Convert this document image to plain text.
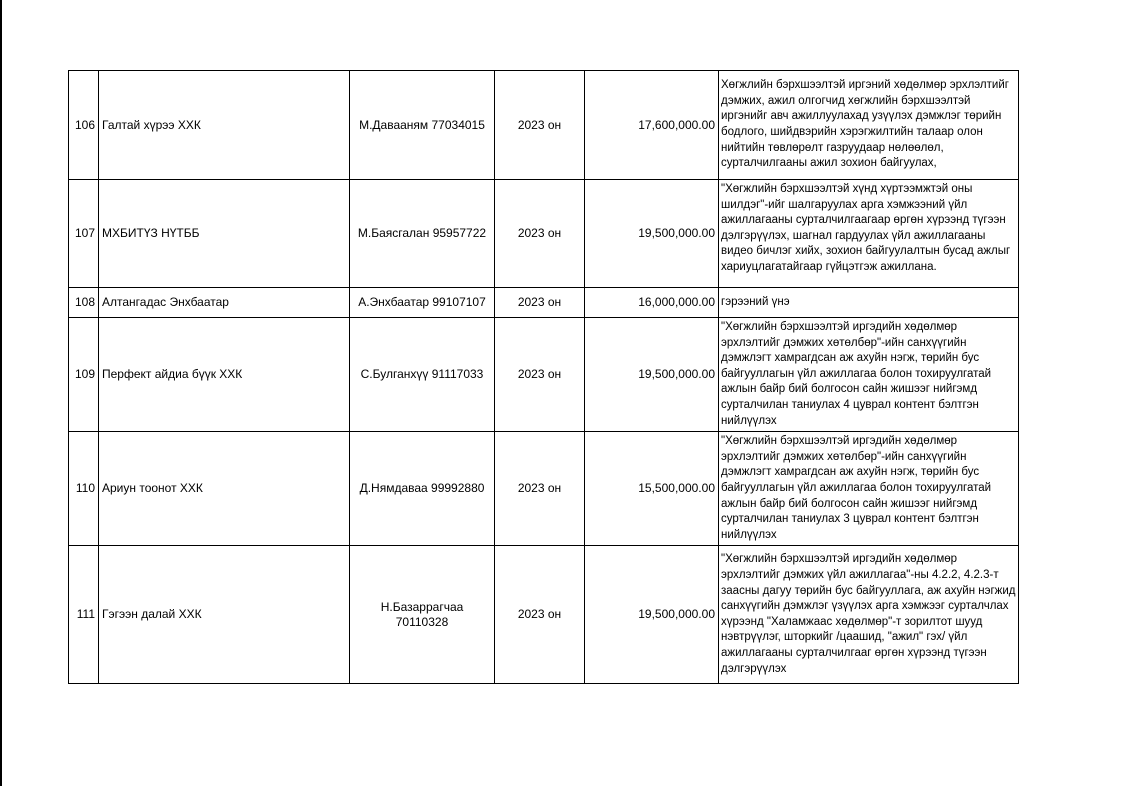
106	Галтай хүрээ ХХК	М.Давааням 77034015	2023 он	17,600,000.00	Хөгжлийн бэрхшээлтэй иргэний хөдөлмөр эрхлэлтийг дэмжих, ажил олгогчид хөгжлийн бэрхшээлтэй иргэнийг авч ажиллуулахад узүүлэх дэмжлэг төрийн бодлого, шийдвэрийн хэрэгжилтийн талаар олон нийтийн төвлөрөлт газруудаар нөлөөлөл, сурталчилгааны ажил зохион байгуулах,
107	МХБИТҮЗ НҮТББ	М.Баясгалан 95957722	2023 он	19,500,000.00	"Хөгжлийн бэрхшээлтэй хүнд хүртээмжтэй оны шилдэг"-ийг шалгаруулах арга хэмжээний үйл ажиллагааны сурталчилгаагаар өргөн хүрээнд түгээн дэлгэрүүлэх, шагнал гардуулах үйл ажиллагааны видео бичлэг хийх, зохион байгуулалтын бусад ажлыг хариуцлагатайгаар гүйцэтгэж ажиллана.
108	Алтангадас Энхбаатар	А.Энхбаатар 99107107	2023 он	16,000,000.00	гэрээний үнэ
109	Перфект айдиа бүүк ХХК	С.Булганхүү 91117033	2023 он	19,500,000.00	"Хөгжлийн бэрхшээлтэй иргэдийн хөдөлмөр эрхлэлтийг дэмжих хөтөлбөр"-ийн санхүүгийн дэмжлэгт хамрагдсан аж ахуйн нэгж, төрийн бус байгууллагын үйл ажиллагаа болон тохируулгатай ажлын байр бий болгосон сайн жишээг нийгэмд сурталчилан таниулах 4 цуврал контент бэлтгэн нийлүүлэх
110	Ариун тоонот ХХК	Д.Нямдаваа 99992880	2023 он	15,500,000.00	"Хөгжлийн бэрхшээлтэй иргэдийн хөдөлмөр эрхлэлтийг дэмжих хөтөлбөр"-ийн санхүүгийн дэмжлэгт хамрагдсан аж ахуйн нэгж, төрийн бус байгууллагын үйл ажиллагаа болон тохируулгатай ажлын байр бий болгосон сайн жишээг нийгэмд сурталчилан таниулах 3 цуврал контент бэлтгэн нийлүүлэх
111	Гэгээн далай ХХК	Н.Базаррагчаа 70110328	2023 он	19,500,000.00	"Хөгжлийн бэрхшээлтэй иргэдийн хөдөлмөр эрхлэлтийг дэмжих үйл ажиллагаа"-ны 4.2.2, 4.2.3-т заасны дагуу төрийн бус байгууллага, аж ахуйн нэгжид санхүүгийн дэмжлэг үзүүлэх арга хэмжээг сурталчлах хүрээнд "Халамжаас хөдөлмөр"-т зорилтот шууд нэвтрүүлэг, шторкийг /цаашид, "ажил" гэх/ үйл ажиллагааны сурталчилгааг өргөн хүрээнд түгээн дэлгэрүүлэх
